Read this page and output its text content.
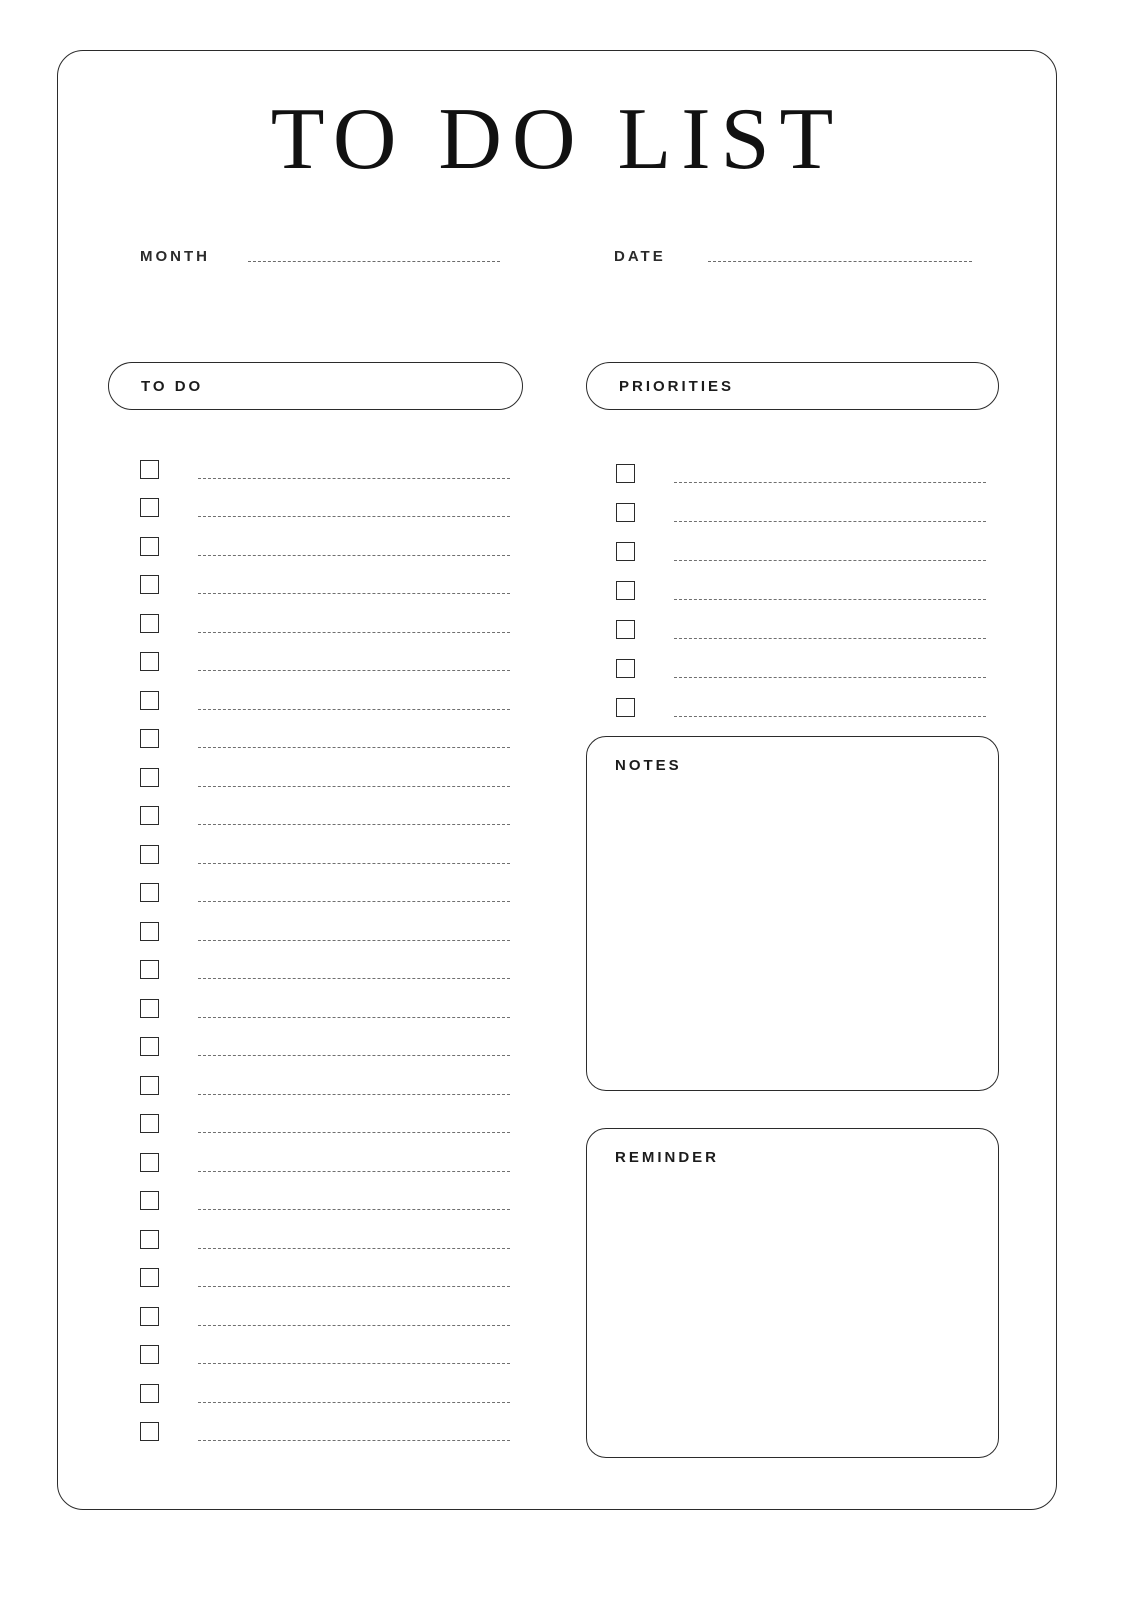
TO DO LIST
MONTH	DATE
TO DO	PRIORITIES
NOTES
REMINDER
